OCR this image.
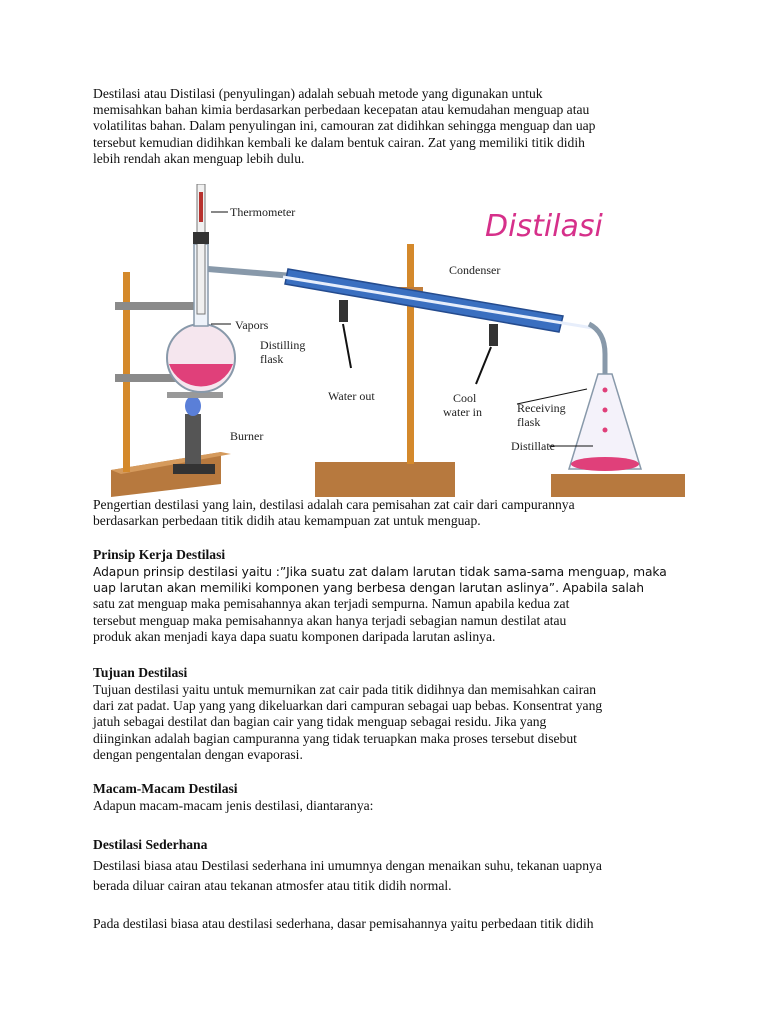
Destilasi atau Distilasi (penyulingan) adalah sebuah metode yang digunakan untuk
memisahkan bahan kimia berdasarkan perbedaan kecepatan atau kemudahan menguap atau
volatilitas bahan. Dalam penyulingan ini, camouran zat didihkan sehingga menguap dan uap
tersebut kemudian didihkan kembali ke dalam bentuk cairan. Zat yang memiliki titik didih
lebih rendah akan menguap lebih dulu.
Distilasi
Thermometer
Condenser
Vapors
Distilling
flask
Water out	Cool
water in	Receiving
flask
Distillate
Burner
Pengertian destilasi yang lain, destilasi adalah cara pemisahan zat cair dari campurannya
berdasarkan perbedaan titik didih atau kemampuan zat untuk menguap.
Prinsip Kerja Destilasi
Adapun prinsip destilasi yaitu :”Jika suatu zat dalam larutan tidak sama-sama menguap, maka
uap larutan akan memiliki komponen yang berbesa dengan larutan aslinya”. Apabila salah
satu zat menguap maka pemisahannya akan terjadi sempurna. Namun apabila kedua zat
tersebut menguap maka pemisahannya akan hanya terjadi sebagian namun destilat atau
produk akan menjadi kaya dapa suatu komponen daripada larutan aslinya.
Tujuan Destilasi
Tujuan destilasi yaitu untuk memurnikan zat cair pada titik didihnya dan memisahkan cairan
dari zat padat. Uap yang yang dikeluarkan dari campuran sebagai uap bebas. Konsentrat yang
jatuh sebagai destilat dan bagian cair yang tidak menguap sebagai residu. Jika yang
diinginkan adalah bagian campuranna yang tidak teruapkan maka proses tersebut disebut
dengan pengentalan dengan evaporasi.
Macam-Macam Destilasi
Adapun macam-macam jenis destilasi, diantaranya:
Destilasi Sederhana
Destilasi biasa atau Destilasi sederhana ini umumnya dengan menaikan suhu, tekanan uapnya
berada diluar cairan atau tekanan atmosfer atau titik didih normal.
Pada destilasi biasa atau destilasi sederhana, dasar pemisahannya yaitu perbedaan titik didih
